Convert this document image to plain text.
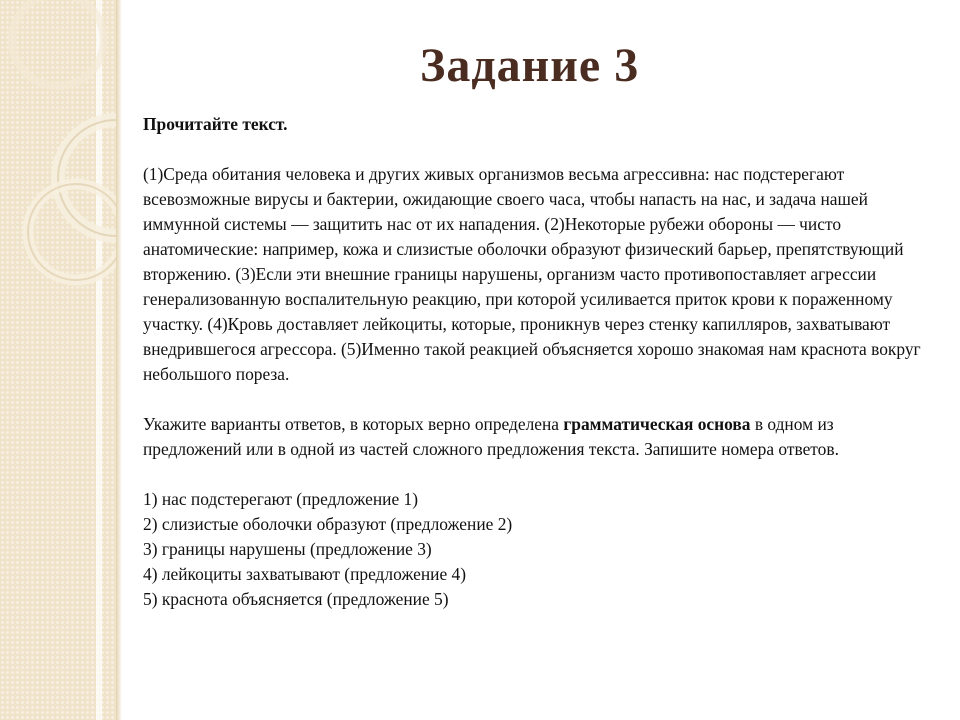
Задание 3

Прочитайте текст.

(1)Среда обитания человека и других живых организмов весьма агрессивна: нас подстерегают всевозможные вирусы и бактерии, ожидающие своего часа, чтобы напасть на нас, и задача нашей иммунной системы — защитить нас от их нападения. (2)Некоторые рубежи обороны — чисто анатомические: например, кожа и слизистые оболочки образуют физический барьер, препятствующий вторжению. (3)Если эти внешние границы нарушены, организм часто противопоставляет агрессии генерализованную воспалительную реакцию, при которой усиливается приток крови к пораженному участку. (4)Кровь доставляет лейкоциты, которые, проникнув через стенку капилляров, захватывают внедрившегося агрессора. (5)Именно такой реакцией объясняется хорошо знакомая нам краснота вокруг небольшого пореза.

Укажите варианты ответов, в которых верно определена грамматическая основа в одном из предложений или в одной из частей сложного предложения текста. Запишите номера ответов.

1) нас подстерегают (предложение 1)
2) слизистые оболочки образуют (предложение 2)
3) границы нарушены (предложение 3)
4) лейкоциты захватывают (предложение 4)
5) краснота объясняется (предложение 5)
